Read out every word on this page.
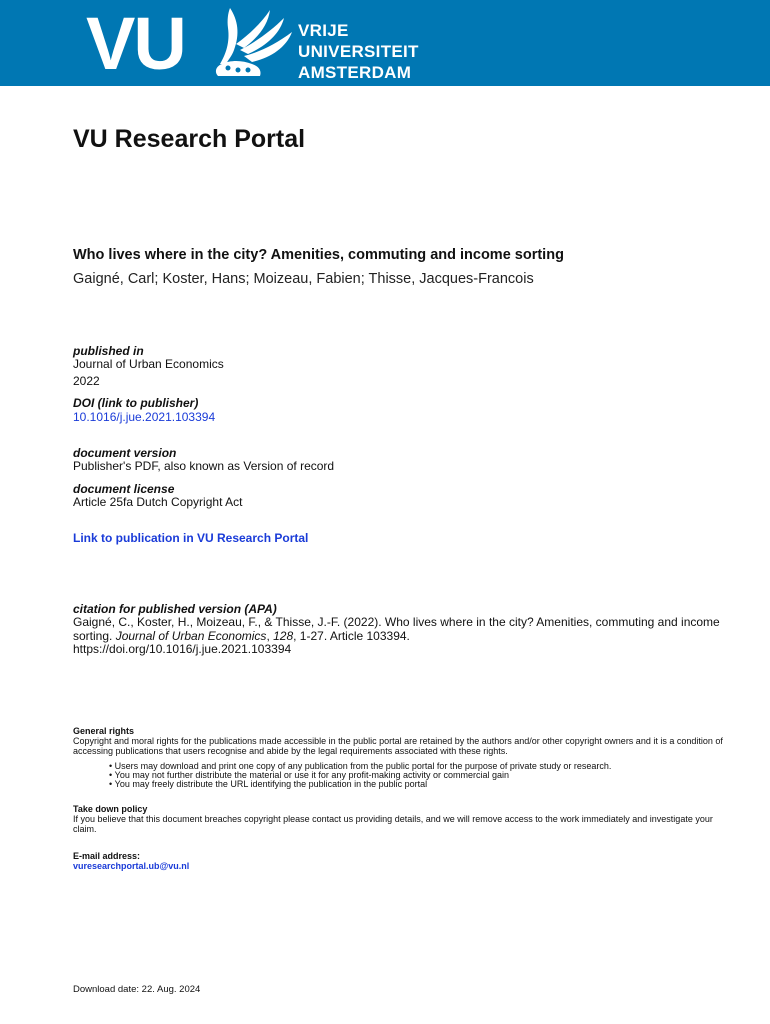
VU	VRIJE
UNIVERSITEIT
AMSTERDAM
VU Research Portal
Who lives where in the city? Amenities, commuting and income sorting
Gaigné, Carl; Koster, Hans; Moizeau, Fabien; Thisse, Jacques-Francois
published in
Journal of Urban Economics
2022
DOI (link to publisher)
10.1016/j.jue.2021.103394
document version
Publisher's PDF, also known as Version of record
document license
Article 25fa Dutch Copyright Act
Link to publication in VU Research Portal
citation for published version (APA)
Gaigné, C., Koster, H., Moizeau, F., & Thisse, J.-F. (2022). Who lives where in the city? Amenities, commuting and income sorting. Journal of Urban Economics, 128, 1-27. Article 103394.
https://doi.org/10.1016/j.jue.2021.103394
General rights
Copyright and moral rights for the publications made accessible in the public portal are retained by the authors and/or other copyright owners and it is a condition of accessing publications that users recognise and abide by the legal requirements associated with these rights.
• Users may download and print one copy of any publication from the public portal for the purpose of private study or research.
• You may not further distribute the material or use it for any profit-making activity or commercial gain
• You may freely distribute the URL identifying the publication in the public portal
Take down policy
If you believe that this document breaches copyright please contact us providing details, and we will remove access to the work immediately and investigate your claim.
E-mail address:
vuresearchportal.ub@vu.nl
Download date: 22. Aug. 2024
